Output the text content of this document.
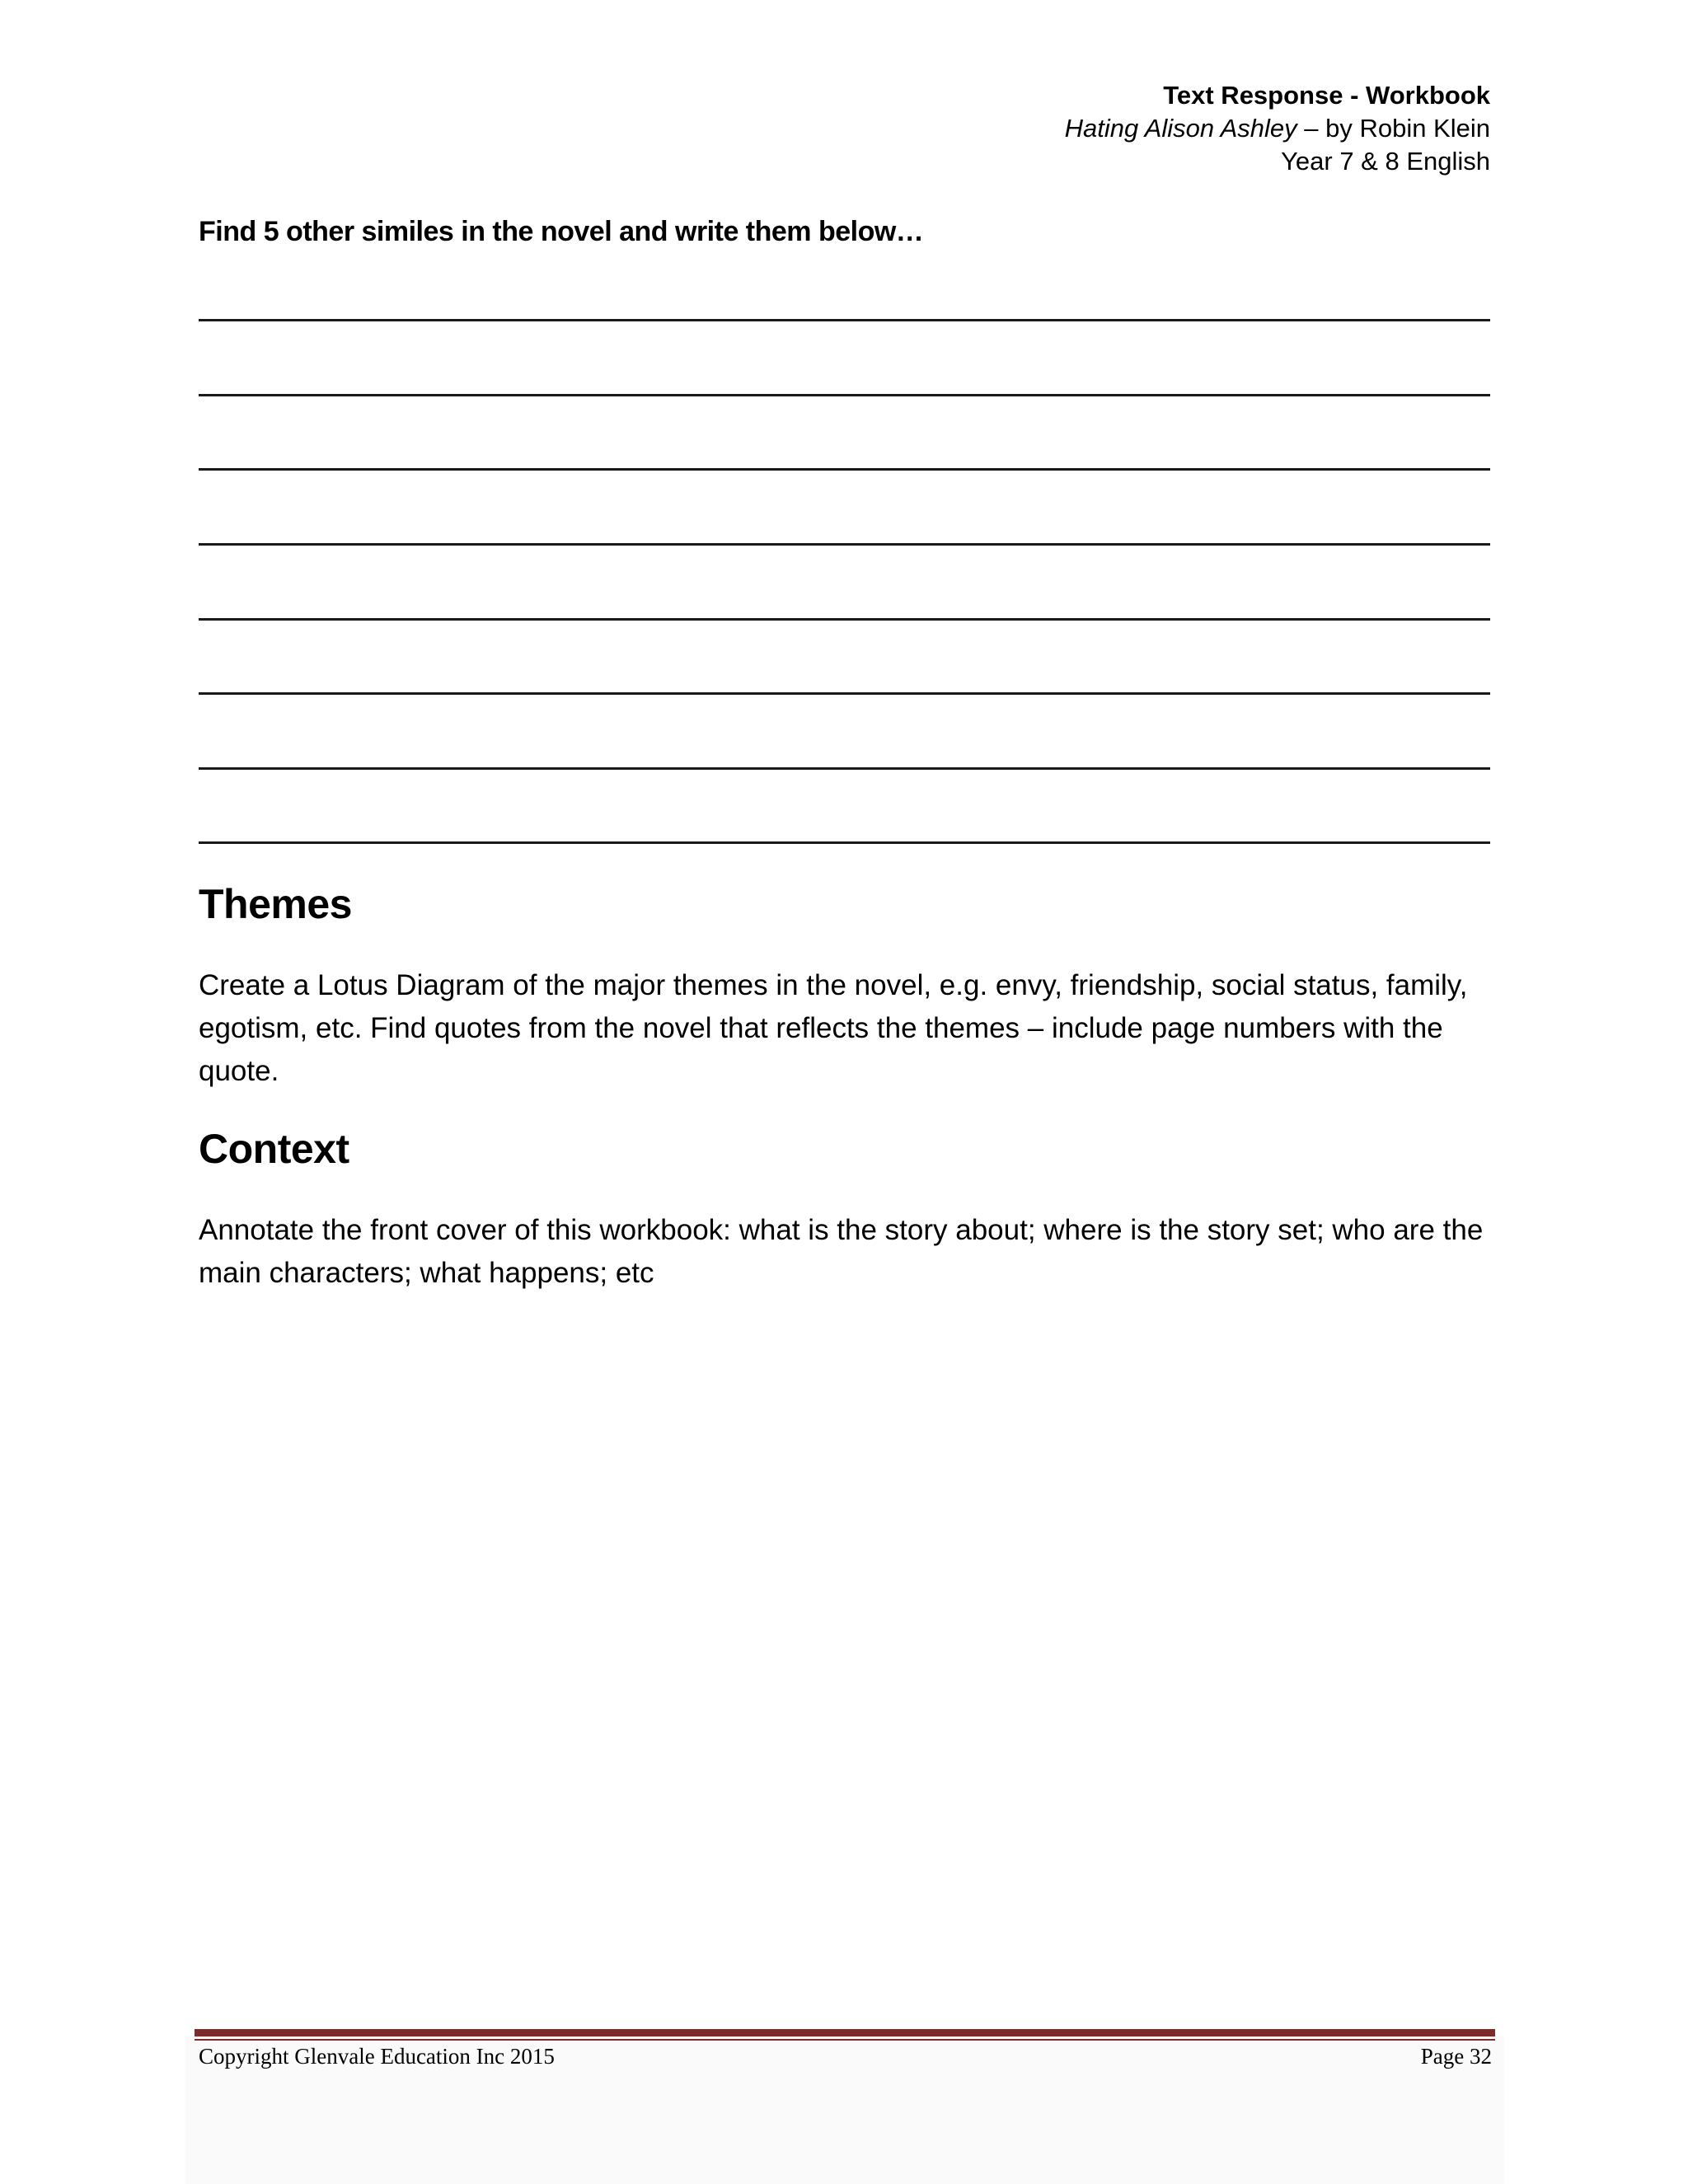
Text Response - Workbook
Hating Alison Ashley – by Robin Klein
Year 7 & 8 English
Find 5 other similes in the novel and write them below…
Themes
Create a Lotus Diagram of the major themes in the novel, e.g. envy, friendship, social status, family, egotism, etc. Find quotes from the novel that reflects the themes – include page numbers with the quote.
Context
Annotate the front cover of this workbook: what is the story about; where is the story set; who are the main characters; what happens; etc
Copyright Glenvale Education Inc 2015	Page 32
